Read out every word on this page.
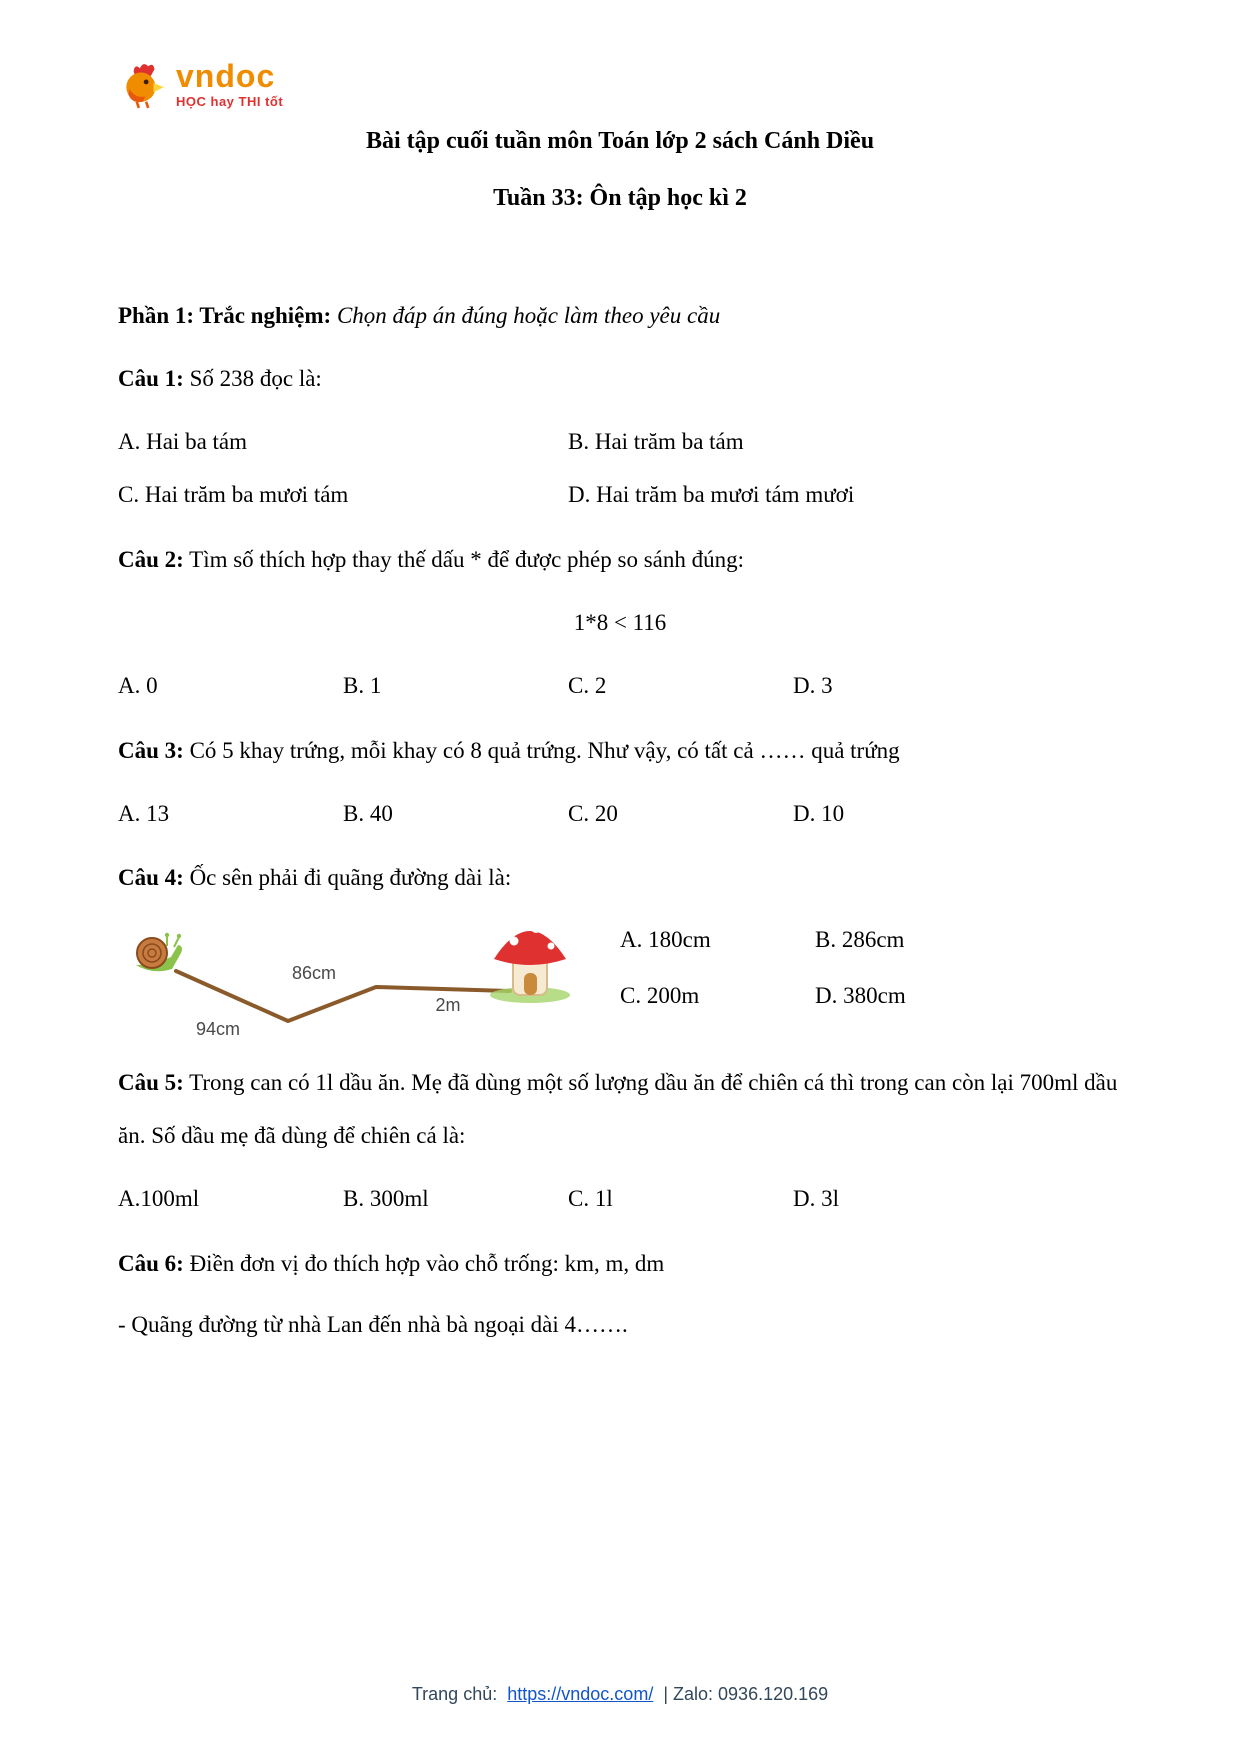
vndoc
HỌC hay THI tốt
Bài tập cuối tuần môn Toán lớp 2 sách Cánh Diều
Tuần 33: Ôn tập học kì 2

Phần 1: Trắc nghiệm: Chọn đáp án đúng hoặc làm theo yêu cầu

Câu 1: Số 238 đọc là:

A. Hai ba tám	B. Hai trăm ba tám
C. Hai trăm ba mươi tám	D. Hai trăm ba mươi tám mươi

Câu 2: Tìm số thích hợp thay thế dấu * để được phép so sánh đúng:

1*8 < 116

A. 0	B. 1	C. 2	D. 3

Câu 3: Có 5 khay trứng, mỗi khay có 8 quả trứng. Như vậy, có tất cả …… quả trứng

A. 13	B. 40	C. 20	D. 10

Câu 4: Ốc sên phải đi quãng đường dài là:

94cm
86cm
2m
A. 180cm	B. 286cm
C. 200m	D. 380cm

Câu 5: Trong can có 1l dầu ăn. Mẹ đã dùng một số lượng dầu ăn để chiên cá thì trong can còn lại 700ml dầu ăn. Số dầu mẹ đã dùng để chiên cá là:

A.100ml	B. 300ml	C. 1l	D. 3l

Câu 6: Điền đơn vị đo thích hợp vào chỗ trống: km, m, dm

- Quãng đường từ nhà Lan đến nhà bà ngoại dài 4…….

Trang chủ: https://vndoc.com/ | Zalo: 0936.120.169
